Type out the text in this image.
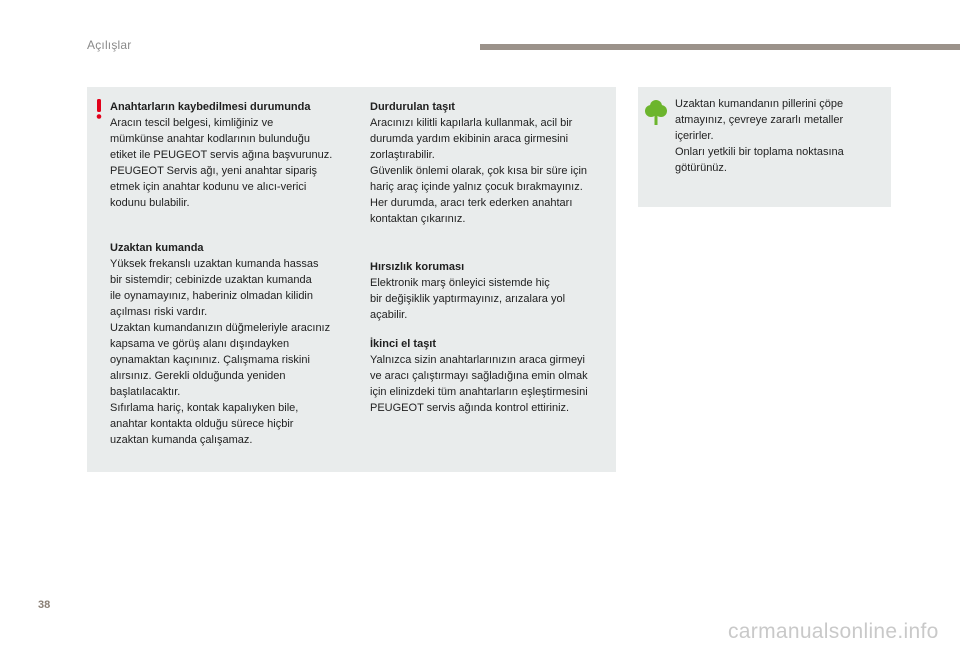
Açılışlar
Anahtarların kaybedilmesi durumunda
Aracın tescil belgesi, kimliğiniz ve
mümkünse anahtar kodlarının bulunduğu
etiket ile PEUGEOT servis ağına başvurunuz.
PEUGEOT Servis ağı, yeni anahtar sipariş
etmek için anahtar kodunu ve alıcı-verici
kodunu bulabilir.
Uzaktan kumanda
Yüksek frekanslı uzaktan kumanda hassas
bir sistemdir; cebinizde uzaktan kumanda
ile oynamayınız, haberiniz olmadan kilidin
açılması riski vardır.
Uzaktan kumandanızın düğmeleriyle aracınız
kapsama ve görüş alanı dışındayken
oynamaktan kaçınınız. Çalışmama riskini
alırsınız. Gerekli olduğunda yeniden
başlatılacaktır.
Sıfırlama hariç, kontak kapalıyken bile,
anahtar kontakta olduğu sürece hiçbir
uzaktan kumanda çalışamaz.
Durdurulan taşıt
Aracınızı kilitli kapılarla kullanmak, acil bir
durumda yardım ekibinin araca girmesini
zorlaştırabilir.
Güvenlik önlemi olarak, çok kısa bir süre için
hariç araç içinde yalnız çocuk bırakmayınız.
Her durumda, aracı terk ederken anahtarı
kontaktan çıkarınız.
Hırsızlık koruması
Elektronik marş önleyici sistemde hiç
bir değişiklik yaptırmayınız, arızalara yol
açabilir.
İkinci el taşıt
Yalnızca sizin anahtarlarınızın araca girmeyi
ve aracı çalıştırmayı sağladığına emin olmak
için elinizdeki tüm anahtarların eşleştirmesini
PEUGEOT servis ağında kontrol ettiriniz.
Uzaktan kumandanın pillerini çöpe
atmayınız, çevreye zararlı metaller
içerirler.
Onları yetkili bir toplama noktasına
götürünüz.
38
carmanualsonline.info
